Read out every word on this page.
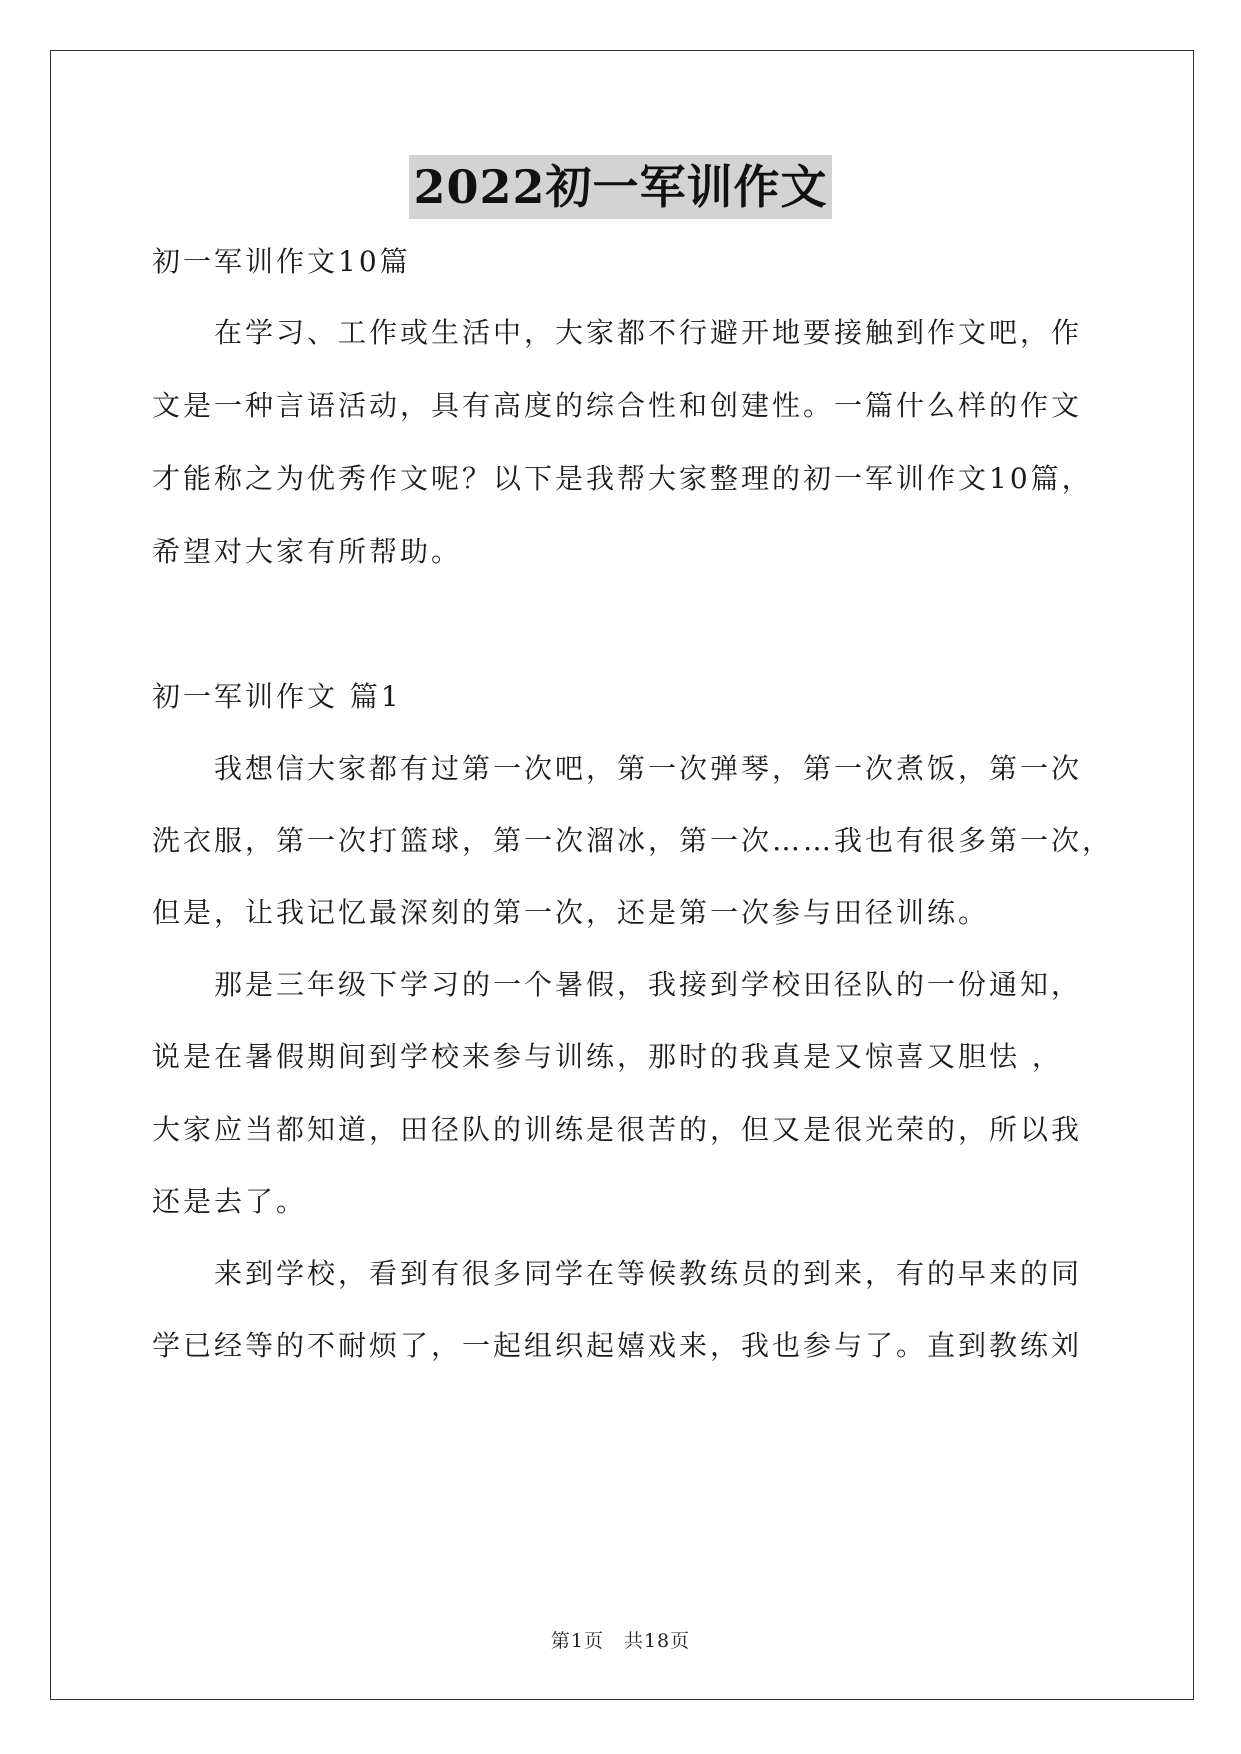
2022初一军训作文
初一军训作文10篇
在学习、工作或生活中，大家都不行避开地要接触到作文吧，作
文是一种言语活动，具有高度的综合性和创建性。一篇什么样的作文
才能称之为优秀作文呢？以下是我帮大家整理的初一军训作文10篇，
希望对大家有所帮助。
初一军训作文 篇1
我想信大家都有过第一次吧，第一次弹琴，第一次煮饭，第一次
洗衣服，第一次打篮球，第一次溜冰，第一次……我也有很多第一次，
但是，让我记忆最深刻的第一次，还是第一次参与田径训练。
那是三年级下学习的一个暑假，我接到学校田径队的一份通知，
说是在暑假期间到学校来参与训练，那时的我真是又惊喜又胆怯 ，
大家应当都知道，田径队的训练是很苦的，但又是很光荣的，所以我
还是去了。
来到学校，看到有很多同学在等候教练员的到来，有的早来的同
学已经等的不耐烦了，一起组织起嬉戏来，我也参与了。直到教练刘
第1页　共18页
